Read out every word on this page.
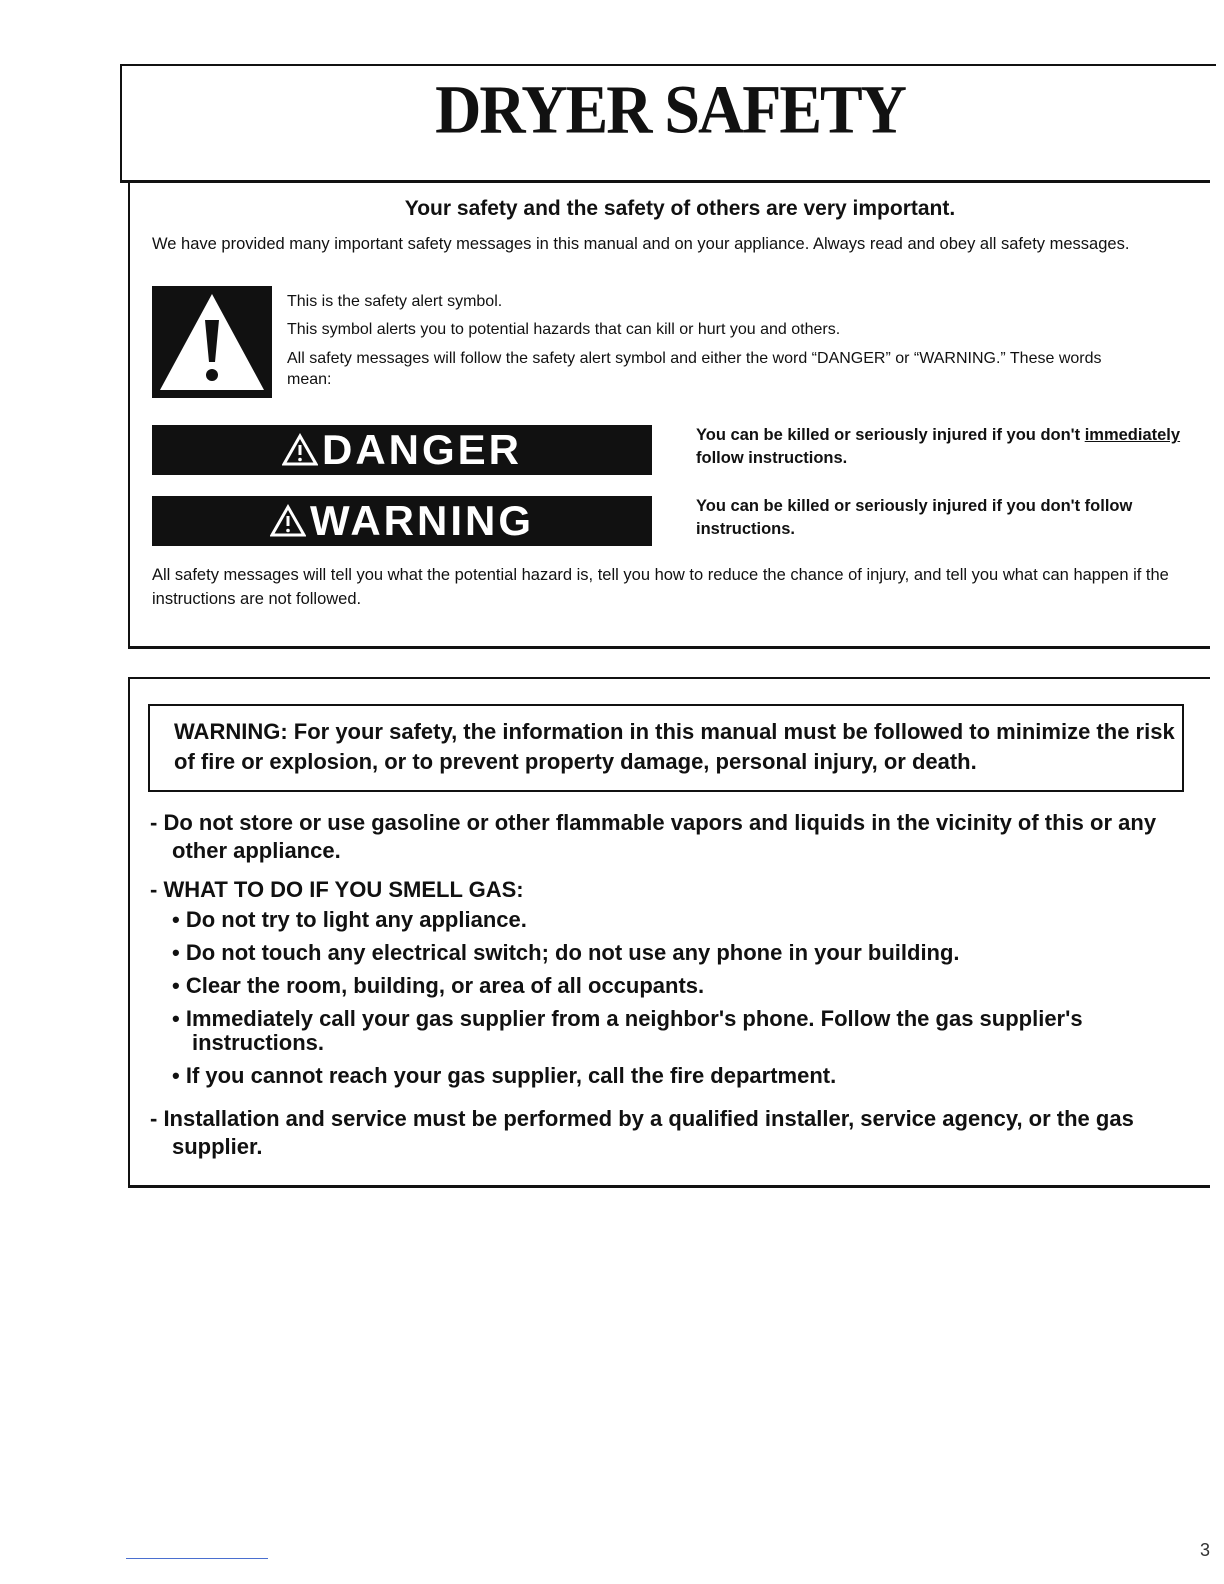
DRYER SAFETY
Your safety and the safety of others are very important.
We have provided many important safety messages in this manual and on your appliance. Always read and obey all safety messages.
This is the safety alert symbol.
This symbol alerts you to potential hazards that can kill or hurt you and others.
All safety messages will follow the safety alert symbol and either the word “DANGER” or “WARNING.” These words mean:
DANGER	You can be killed or seriously injured if you don't immediately follow instructions.
WARNING	You can be killed or seriously injured if you don't follow instructions.
All safety messages will tell you what the potential hazard is, tell you how to reduce the chance of injury, and tell you what can happen if the instructions are not followed.
WARNING: For your safety, the information in this manual must be followed to minimize the risk of fire or explosion, or to prevent property damage, personal injury, or death.
- Do not store or use gasoline or other flammable vapors and liquids in the vicinity of this or any other appliance.
- WHAT TO DO IF YOU SMELL GAS:
• Do not try to light any appliance.
• Do not touch any electrical switch; do not use any phone in your building.
• Clear the room, building, or area of all occupants.
• Immediately call your gas supplier from a neighbor's phone. Follow the gas supplier's instructions.
• If you cannot reach your gas supplier, call the fire department.
- Installation and service must be performed by a qualified installer, service agency, or the gas supplier.
3
